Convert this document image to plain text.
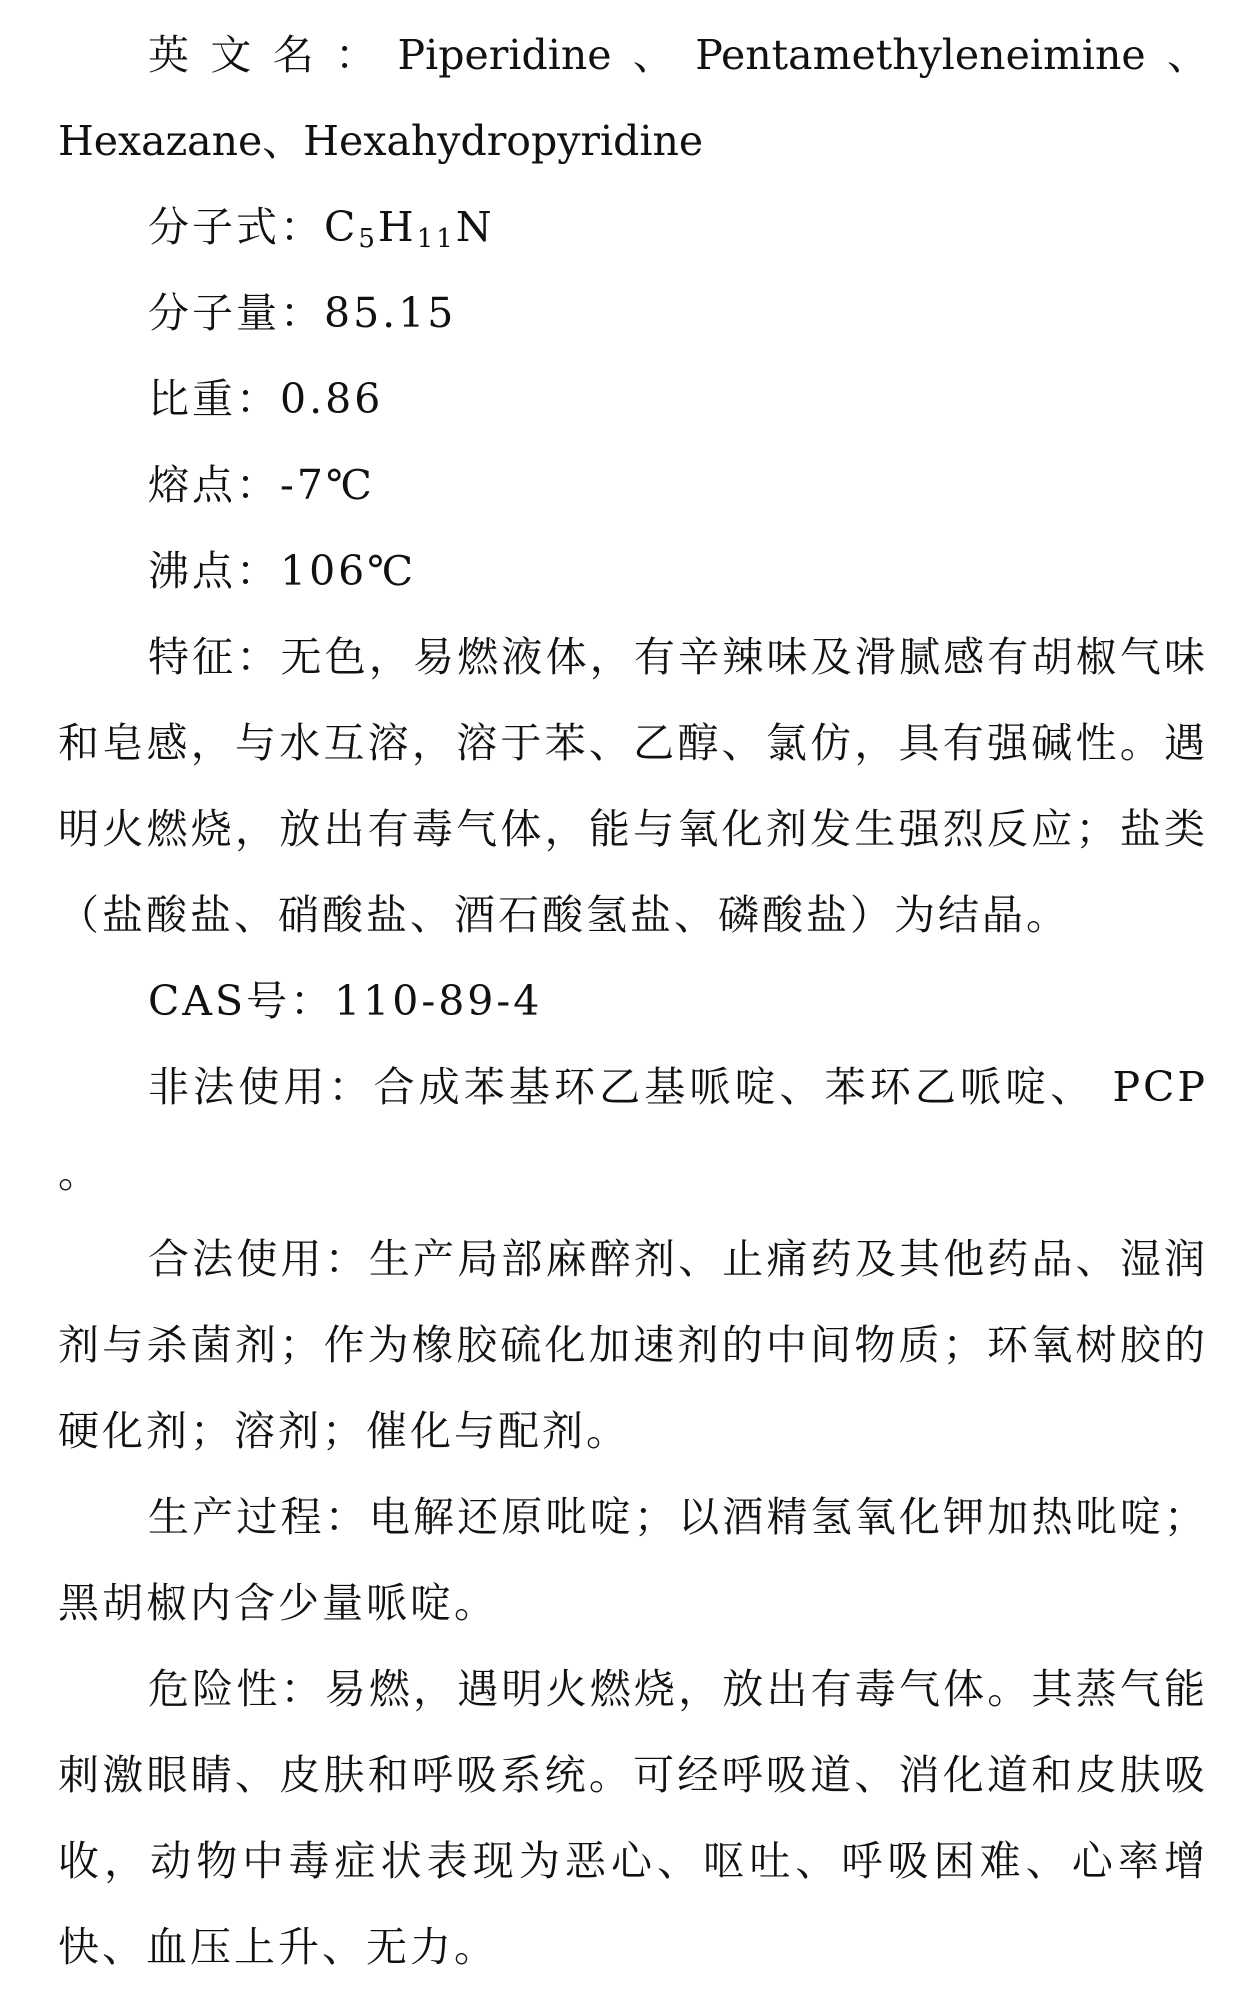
英文名：Piperidine、Pentamethyleneimine、Hexazane、Hexahydropyridine

分子式：$C_5H_{11}N$

分子量：85.15

比重：0.86

熔点：-7℃

沸点：106℃

特征：无色，易燃液体，有辛辣味及滑腻感有胡椒气味和皂感，与水互溶，溶于苯、乙醇、氯仿，具有强碱性。遇明火燃烧，放出有毒气体，能与氧化剂发生强烈反应；盐类（盐酸盐、硝酸盐、酒石酸氢盐、磷酸盐）为结晶。

CAS号：110-89-4

非法使用：合成苯基环乙基哌啶、苯环乙哌啶、 PCP 。

合法使用：生产局部麻醉剂、止痛药及其他药品、湿润剂与杀菌剂；作为橡胶硫化加速剂的中间物质；环氧树胶的硬化剂；溶剂；催化与配剂。

生产过程：电解还原吡啶；以酒精氢氧化钾加热吡啶；黑胡椒内含少量哌啶。

危险性：易燃，遇明火燃烧，放出有毒气体。其蒸气能刺激眼睛、皮肤和呼吸系统。可经呼吸道、消化道和皮肤吸收，动物中毒症状表现为恶心、呕吐、呼吸困难、心率增快、血压上升、无力。
